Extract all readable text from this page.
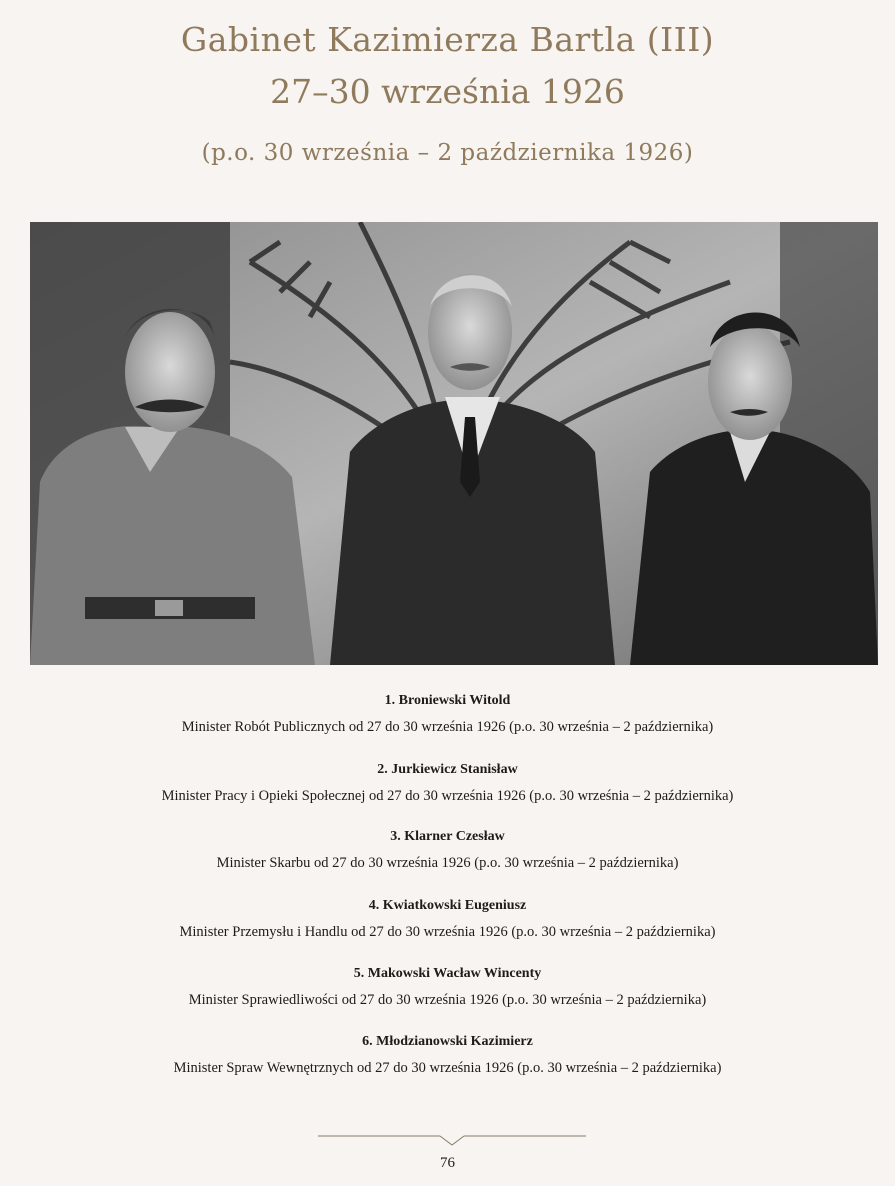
Gabinet Kazimierza Bartla (III)
27–30 września 1926
(p.o. 30 września – 2 października 1926)
1. Broniewski Witold
Minister Robót Publicznych od 27 do 30 września 1926 (p.o. 30 września – 2 października)
2. Jurkiewicz Stanisław
Minister Pracy i Opieki Społecznej od 27 do 30 września 1926 (p.o. 30 września – 2 października)
3. Klarner Czesław
Minister Skarbu od 27 do 30 września 1926 (p.o. 30 września – 2 października)
4. Kwiatkowski Eugeniusz
Minister Przemysłu i Handlu od 27 do 30 września 1926 (p.o. 30 września – 2 października)
5. Makowski Wacław Wincenty
Minister Sprawiedliwości od 27 do 30 września 1926 (p.o. 30 września – 2 października)
6. Młodzianowski Kazimierz
Minister Spraw Wewnętrznych od 27 do 30 września 1926 (p.o. 30 września – 2 października)
76
